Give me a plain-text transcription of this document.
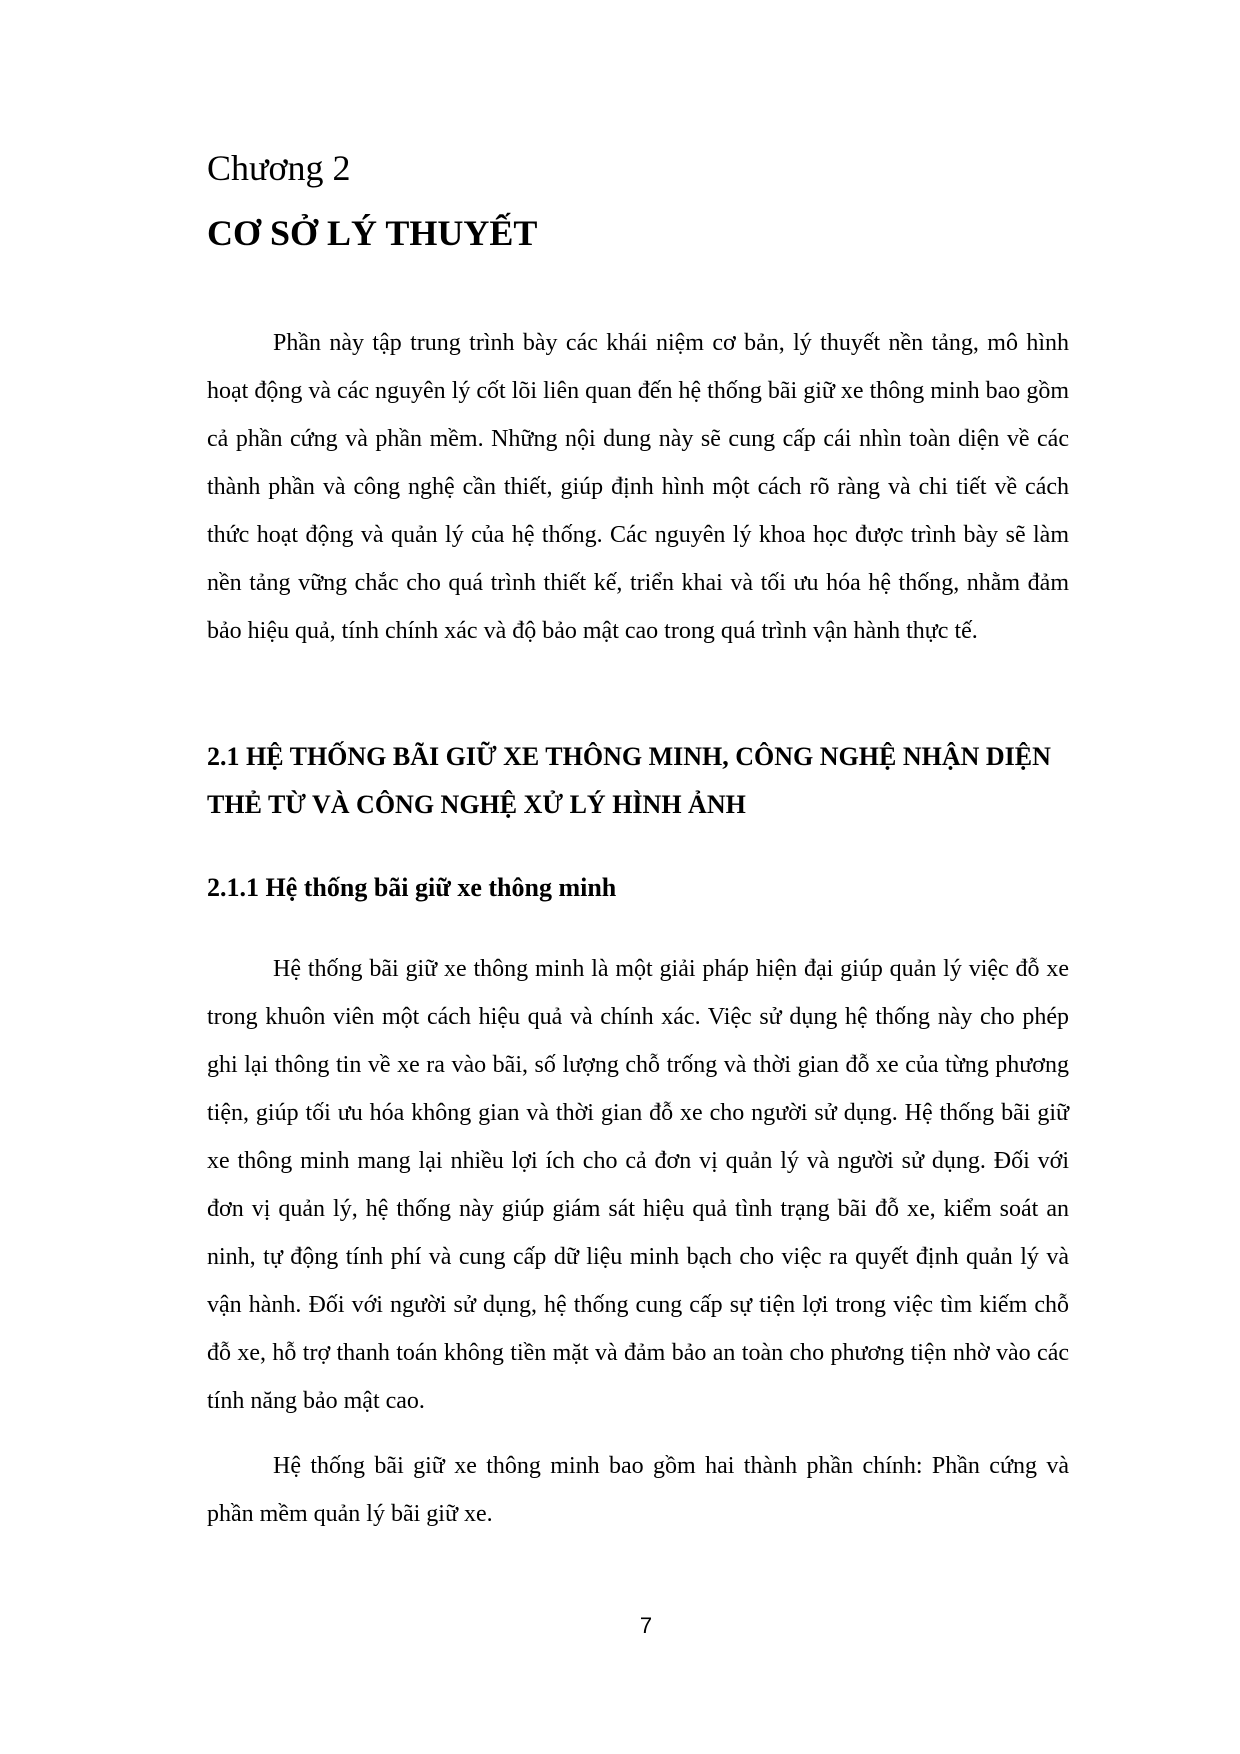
Chương 2
CƠ SỞ LÝ THUYẾT

Phần này tập trung trình bày các khái niệm cơ bản, lý thuyết nền tảng, mô hình hoạt động và các nguyên lý cốt lõi liên quan đến hệ thống bãi giữ xe thông minh bao gồm cả phần cứng và phần mềm. Những nội dung này sẽ cung cấp cái nhìn toàn diện về các thành phần và công nghệ cần thiết, giúp định hình một cách rõ ràng và chi tiết về cách thức hoạt động và quản lý của hệ thống. Các nguyên lý khoa học được trình bày sẽ làm nền tảng vững chắc cho quá trình thiết kế, triển khai và tối ưu hóa hệ thống, nhằm đảm bảo hiệu quả, tính chính xác và độ bảo mật cao trong quá trình vận hành thực tế.

2.1 HỆ THỐNG BÃI GIỮ XE THÔNG MINH, CÔNG NGHỆ NHẬN DIỆN THẺ TỪ VÀ CÔNG NGHỆ XỬ LÝ HÌNH ẢNH
2.1.1 Hệ thống bãi giữ xe thông minh

Hệ thống bãi giữ xe thông minh là một giải pháp hiện đại giúp quản lý việc đỗ xe trong khuôn viên một cách hiệu quả và chính xác. Việc sử dụng hệ thống này cho phép ghi lại thông tin về xe ra vào bãi, số lượng chỗ trống và thời gian đỗ xe của từng phương tiện, giúp tối ưu hóa không gian và thời gian đỗ xe cho người sử dụng. Hệ thống bãi giữ xe thông minh mang lại nhiều lợi ích cho cả đơn vị quản lý và người sử dụng. Đối với đơn vị quản lý, hệ thống này giúp giám sát hiệu quả tình trạng bãi đỗ xe, kiểm soát an ninh, tự động tính phí và cung cấp dữ liệu minh bạch cho việc ra quyết định quản lý và vận hành. Đối với người sử dụng, hệ thống cung cấp sự tiện lợi trong việc tìm kiếm chỗ đỗ xe, hỗ trợ thanh toán không tiền mặt và đảm bảo an toàn cho phương tiện nhờ vào các tính năng bảo mật cao.

Hệ thống bãi giữ xe thông minh bao gồm hai thành phần chính: Phần cứng và phần mềm quản lý bãi giữ xe.

7
